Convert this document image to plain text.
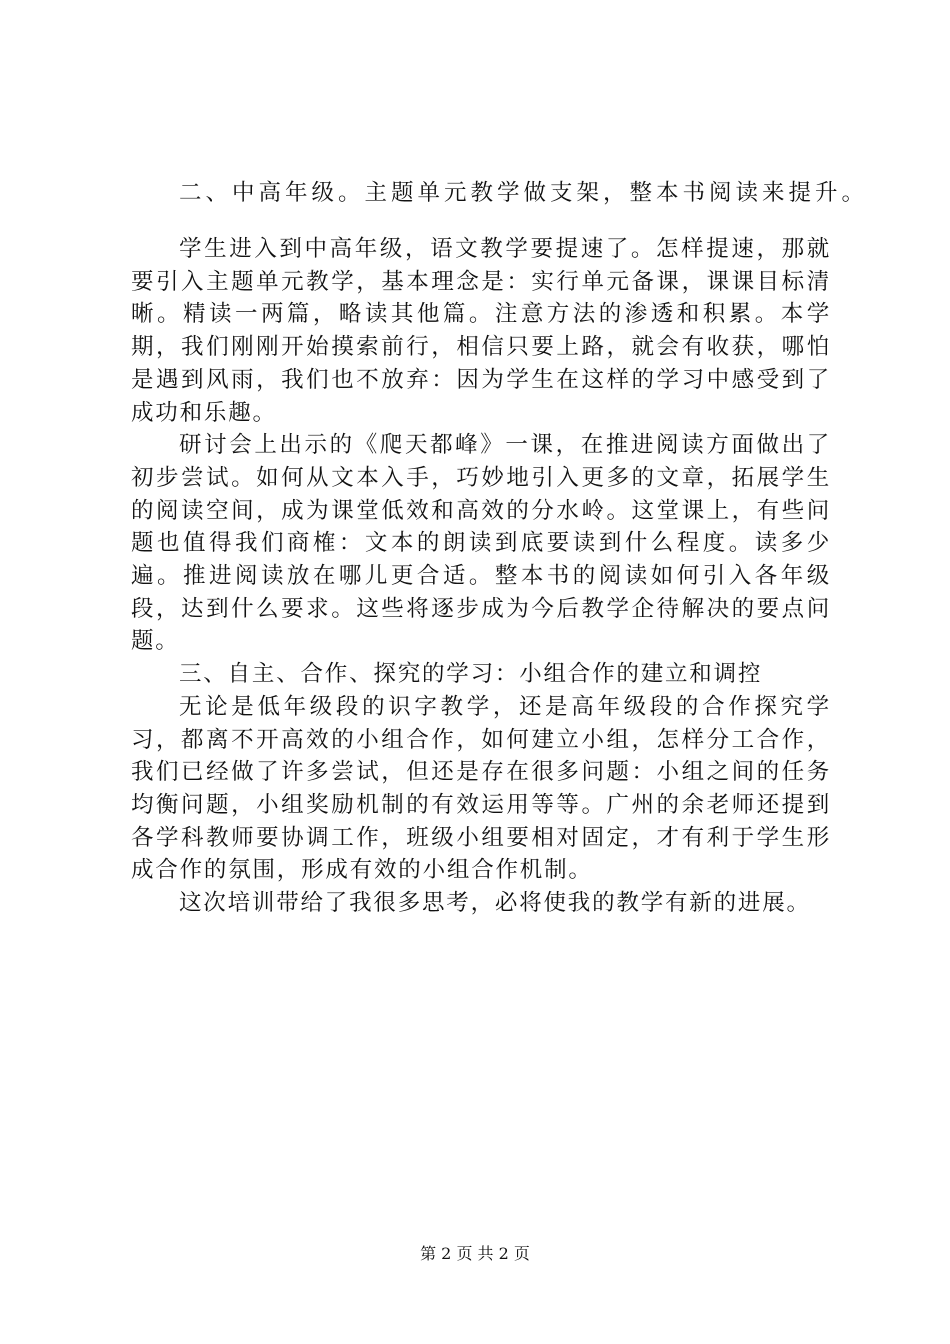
二、中高年级。主题单元教学做支架，整本书阅读来提升。

学生进入到中高年级，语文教学要提速了。怎样提速，那就要引入主题单元教学，基本理念是：实行单元备课，课课目标清晰。精读一两篇，略读其他篇。注意方法的渗透和积累。本学期，我们刚刚开始摸索前行，相信只要上路，就会有收获，哪怕是遇到风雨，我们也不放弃：因为学生在这样的学习中感受到了成功和乐趣。

研讨会上出示的《爬天都峰》一课，在推进阅读方面做出了初步尝试。如何从文本入手，巧妙地引入更多的文章，拓展学生的阅读空间，成为课堂低效和高效的分水岭。这堂课上，有些问题也值得我们商榷：文本的朗读到底要读到什么程度。读多少遍。推进阅读放在哪儿更合适。整本书的阅读如何引入各年级段，达到什么要求。这些将逐步成为今后教学企待解决的要点问题。

三、自主、合作、探究的学习：小组合作的建立和调控

无论是低年级段的识字教学，还是高年级段的合作探究学习，都离不开高效的小组合作，如何建立小组，怎样分工合作，我们已经做了许多尝试，但还是存在很多问题：小组之间的任务均衡问题，小组奖励机制的有效运用等等。广州的余老师还提到各学科教师要协调工作，班级小组要相对固定，才有利于学生形成合作的氛围，形成有效的小组合作机制。

这次培训带给了我很多思考，必将使我的教学有新的进展。

第 2 页 共 2 页
